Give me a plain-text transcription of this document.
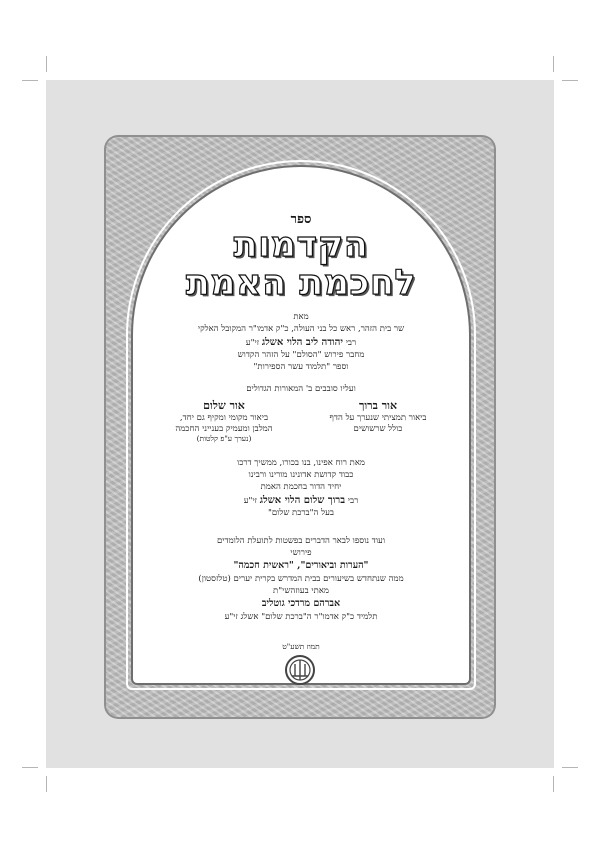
ספר

הקדמות

לחכמת האמת

מאת

שר בית הזהר, ראש כל בני העולה, כ"ק אדמו"ר המקובל האלקי

רבי יהודה ליב הלוי אשלג זי"ע

מחבר פירוש "הסולם" על הזהר הקדוש

וספר "תלמוד עשר הספירות"

ועליו סובבים ב' המאורות הגדולים

אור ברוך
ביאור תמציתי שנערך על הדף
כולל שרשושים
אור שלום
ביאור מקומי ומקיף גם יחד,
המלבן ומעמיק בענייני החכמה
(נערך ע"פ קלטות)

מאת רוח אפינו, בנו בכורו, ממשיך דרכו

כבוד קדושת אדונינו מורינו ורבינו

יחיד הדור בחכמת האמת

רבי ברוך שלום הלוי אשלג זי"ע

בעל ה"ברכת שלום"

ועוד נוספו לבאר הדברים בפשטות לתועלת הלומדים

פירושי

"הערות וביאורים", "ראשית חכמה"

ממה שנתחדש בשיעורים בבית המדרש בקרית יערים (טלזסטון)

מאתי בעוזהשי"ת

אברהם מרדכי גוטליב

תלמיד כ"ק אדמו"ר ה"ברכת שלום" אשלג זי"ע

תמוז תשע"ט
